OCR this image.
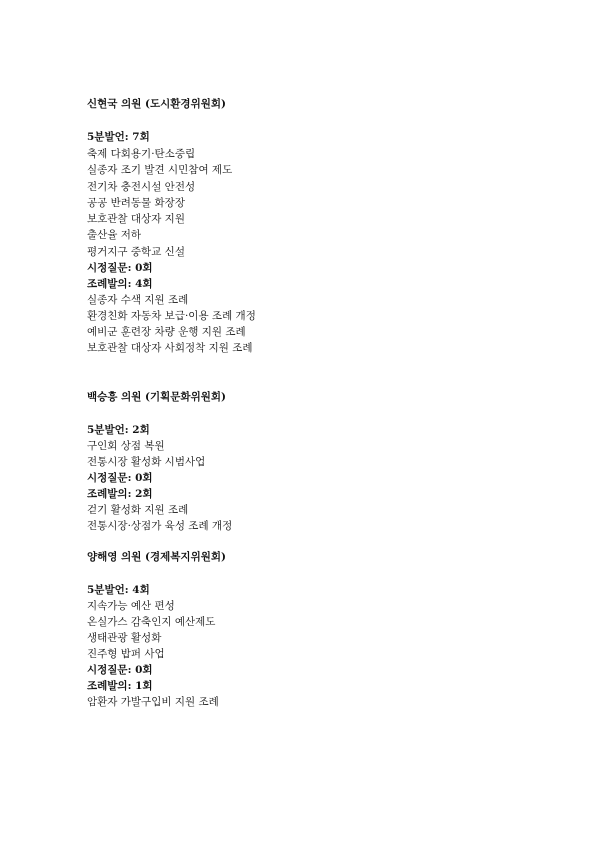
신현국 의원 (도시환경위원회)
5분발언: 7회
축제 다회용기·탄소중립
실종자 조기 발견 시민참여 제도
전기차 충전시설 안전성
공공 반려동물 화장장
보호관찰 대상자 지원
출산율 저하
평거지구 중학교 신설
시정질문: 0회
조례발의: 4회
실종자 수색 지원 조례
환경친화 자동차 보급·이용 조례 개정
예비군 훈련장 차량 운행 지원 조례
보호관찰 대상자 사회정착 지원 조례
백승흥 의원 (기획문화위원회)
5분발언: 2회
구인회 상점 복원
전통시장 활성화 시범사업
시정질문: 0회
조례발의: 2회
걷기 활성화 지원 조례
전통시장·상점가 육성 조례 개정
양해영 의원 (경제복지위원회)
5분발언: 4회
지속가능 예산 편성
온실가스 감축인지 예산제도
생태관광 활성화
진주형 밥퍼 사업
시정질문: 0회
조례발의: 1회
암환자 가발구입비 지원 조례
